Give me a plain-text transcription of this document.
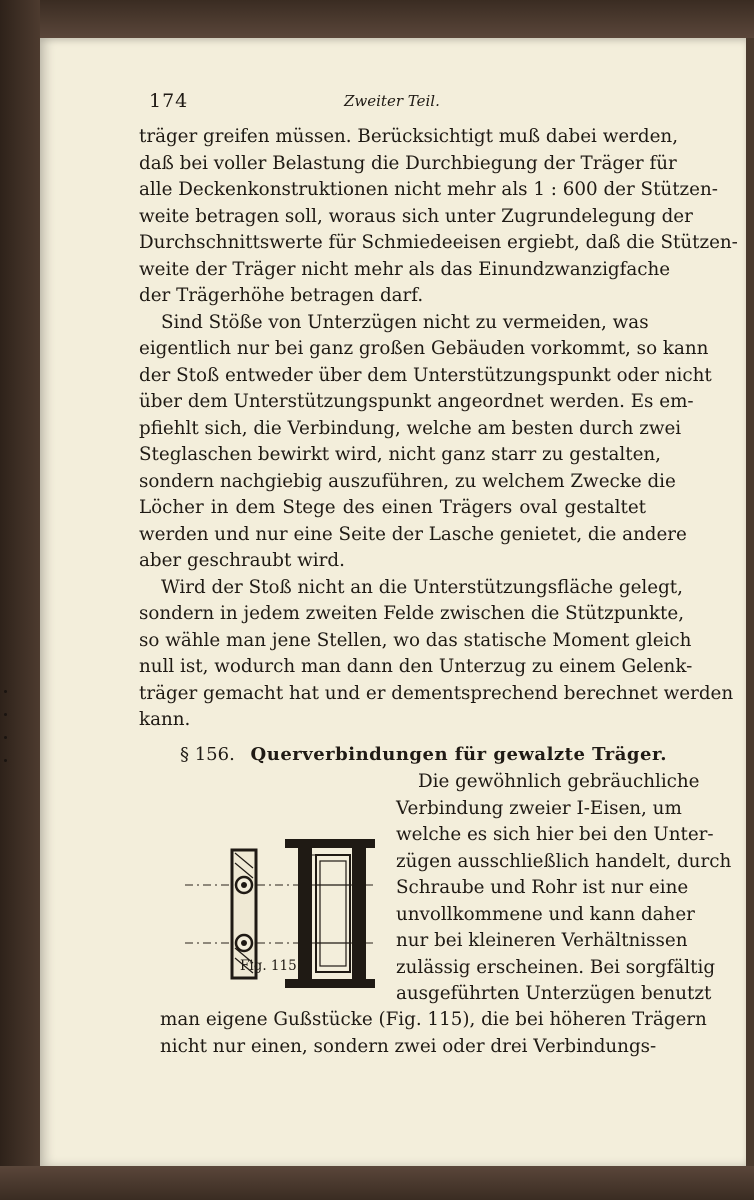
174	Zweiter Teil.

träger greifen müssen. Berücksichtigt muß dabei werden,
daß bei voller Belastung die Durchbiegung der Träger für
alle Deckenkonstruktionen nicht mehr als 1 : 600 der Stützen-
weite betragen soll, woraus sich unter Zugrundelegung der
Durchschnittswerte für Schmiedeeisen ergiebt, daß die Stützen-
weite der Träger nicht mehr als das Einundzwanzigfache
der Trägerhöhe betragen darf.

Sind Stöße von Unterzügen nicht zu vermeiden, was
eigentlich nur bei ganz großen Gebäuden vorkommt, so kann
der Stoß entweder über dem Unterstützungspunkt oder nicht
über dem Unterstützungspunkt angeordnet werden. Es em-
pfiehlt sich, die Verbindung, welche am besten durch zwei
Steglaschen bewirkt wird, nicht ganz starr zu gestalten,
sondern nachgiebig auszuführen, zu welchem Zwecke die
Löcher in dem Stege des einen Trägers oval gestaltet
werden und nur eine Seite der Lasche genietet, die andere
aber geschraubt wird.

Wird der Stoß nicht an die Unterstützungsfläche gelegt,
sondern in jedem zweiten Felde zwischen die Stützpunkte,
so wähle man jene Stellen, wo das statische Moment gleich
null ist, wodurch man dann den Unterzug zu einem Gelenk-
träger gemacht hat und er dementsprechend berechnet werden
kann.

§ 156. Querverbindungen für gewalzte Träger.
Fig. 115.
Die gewöhnlich gebräuchliche
Verbindung zweier I-Eisen, um
welche es sich hier bei den Unter-
zügen ausschließlich handelt, durch
Schraube und Rohr ist nur eine
unvollkommene und kann daher
nur bei kleineren Verhältnissen
zulässig erscheinen. Bei sorgfältig
ausgeführten Unterzügen benutzt
man eigene Gußstücke (Fig. 115), die bei höheren Trägern
nicht nur einen, sondern zwei oder drei Verbindungs-
